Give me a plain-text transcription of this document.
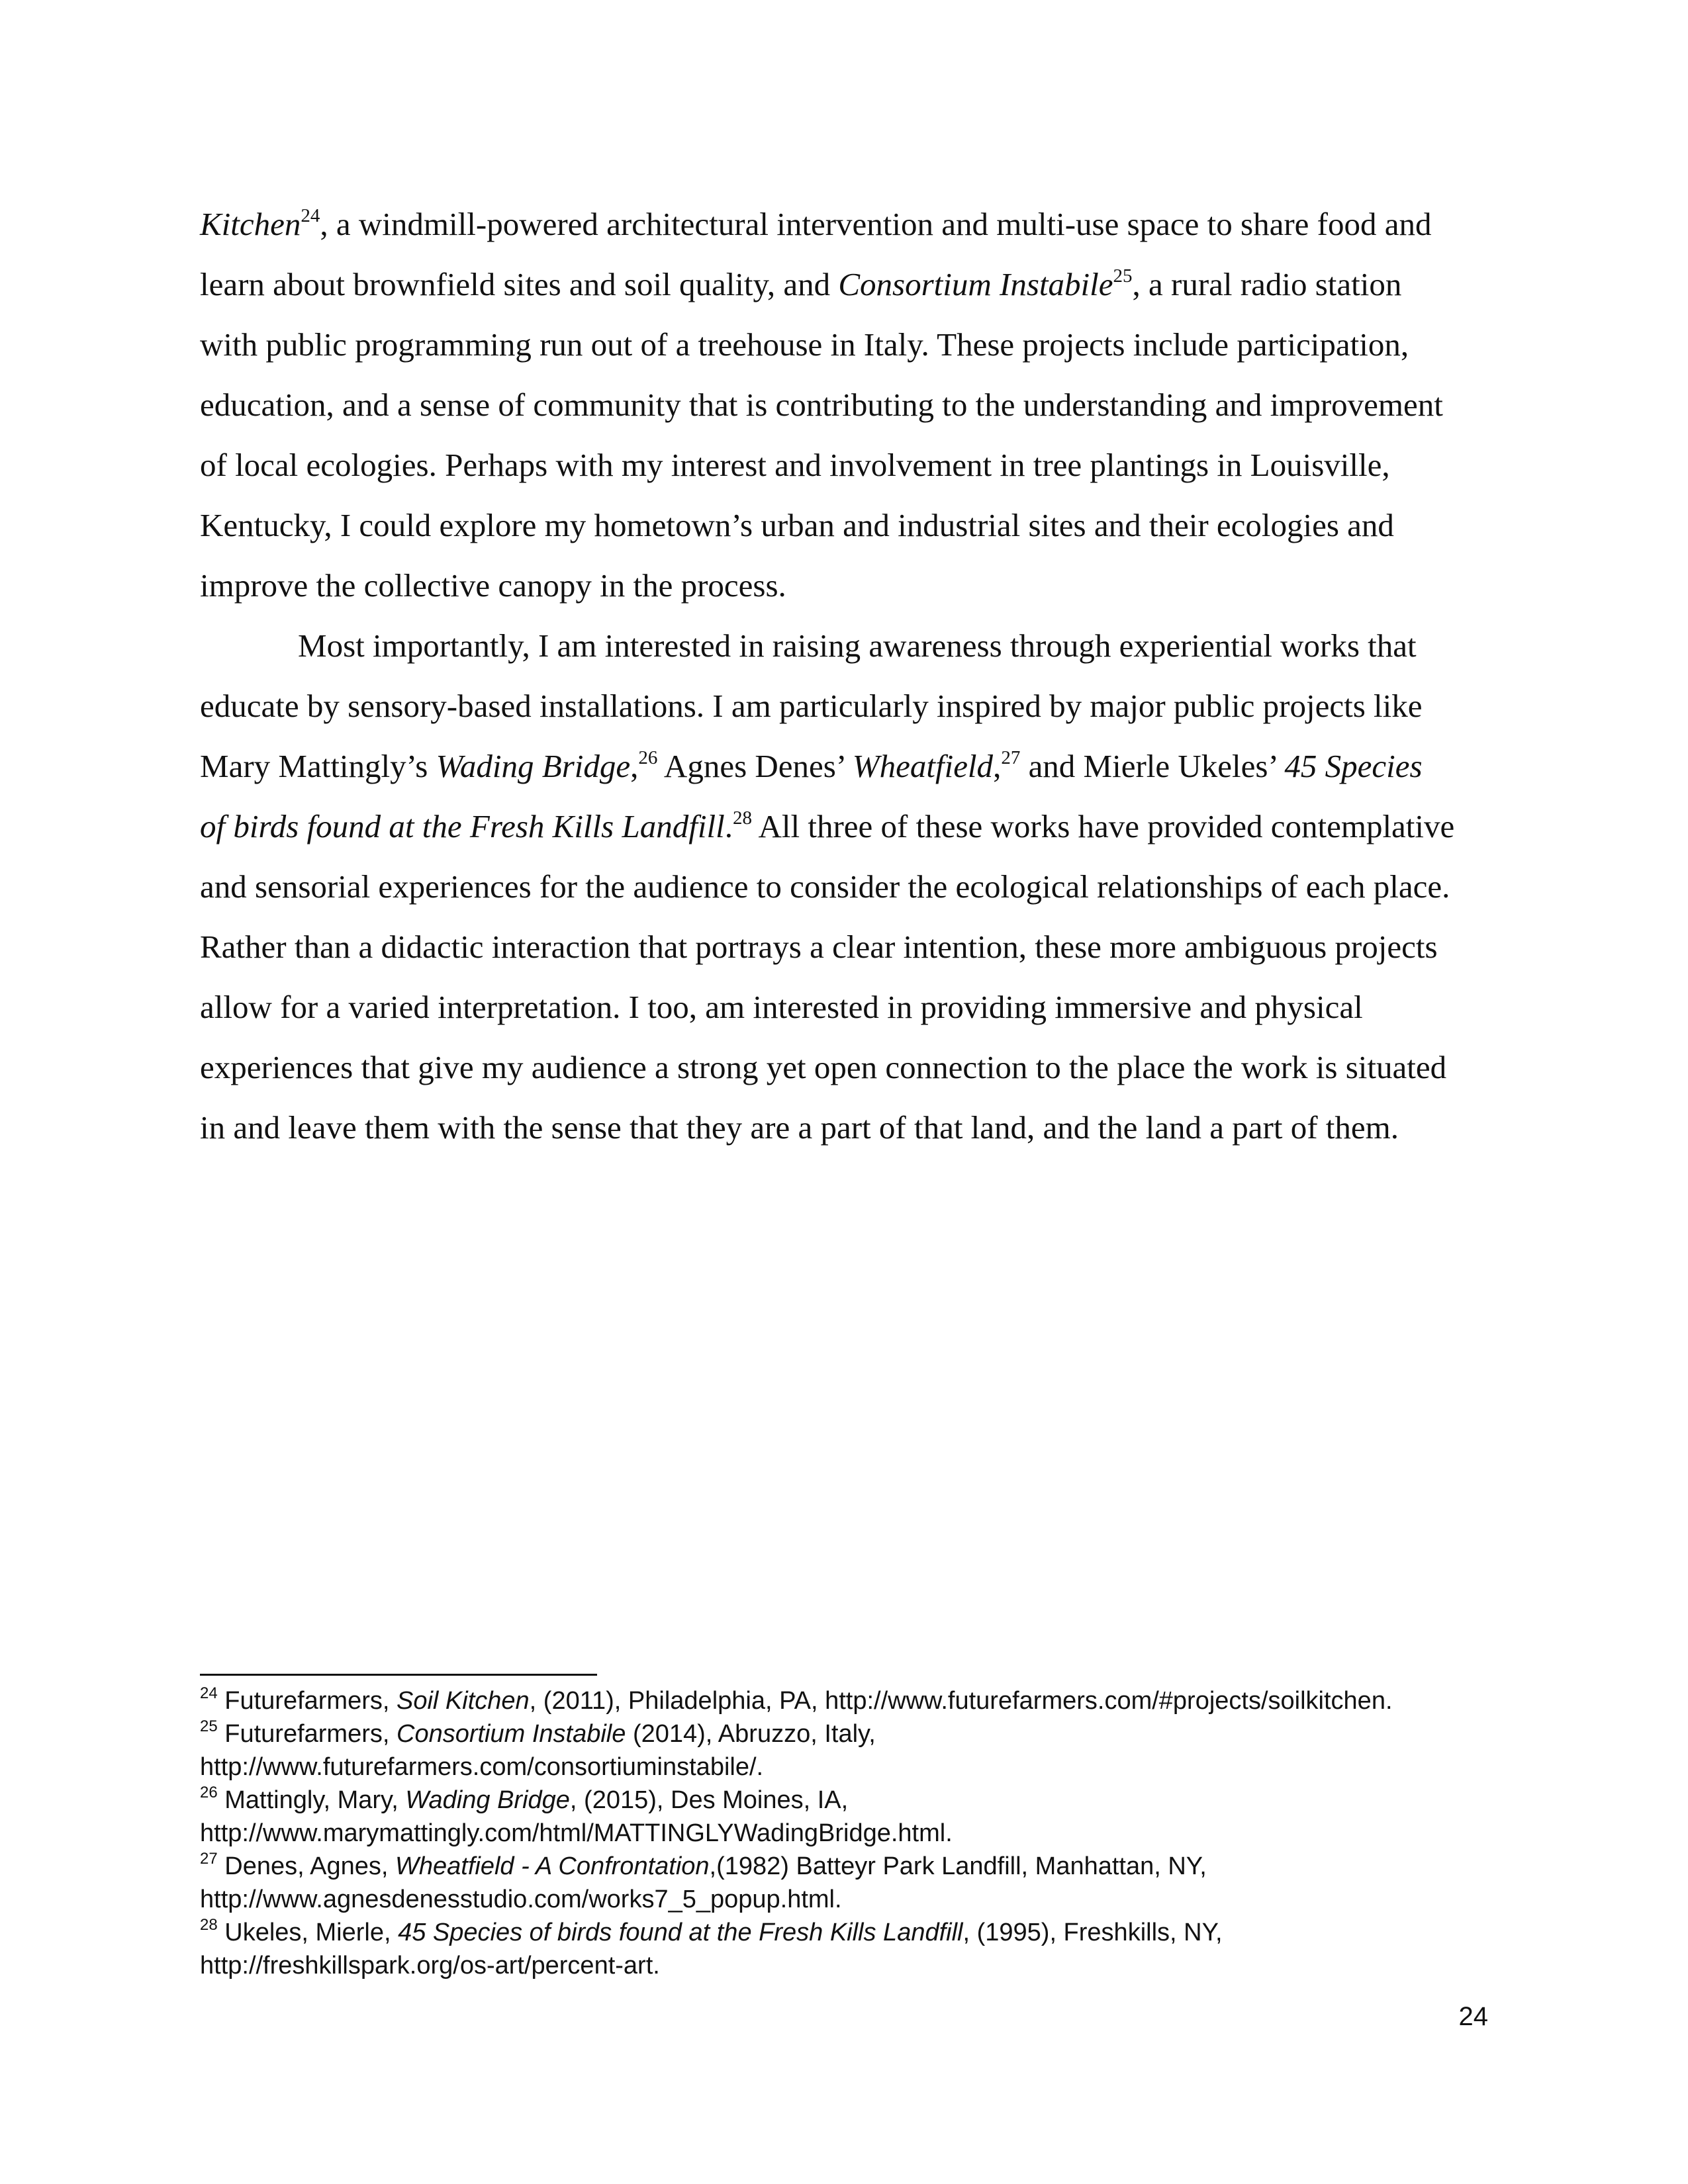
Kitchen$^{24}$, a windmill-powered architectural intervention and multi-use space to share food and

learn about brownfield sites and soil quality, and Consortium Instabile$^{25}$, a rural radio station

with public programming run out of a treehouse in Italy. These projects include participation,

education, and a sense of community that is contributing to the understanding and improvement

of local ecologies. Perhaps with my interest and involvement in tree plantings in Louisville,

Kentucky, I could explore my hometown’s urban and industrial sites and their ecologies and

improve the collective canopy in the process.

Most importantly, I am interested in raising awareness through experiential works that

educate by sensory-based installations. I am particularly inspired by major public projects like

Mary Mattingly’s Wading Bridge,$^{26}$ Agnes Denes’ Wheatfield,$^{27}$ and Mierle Ukeles’ 45 Species

of birds found at the Fresh Kills Landfill.$^{28}$ All three of these works have provided contemplative

and sensorial experiences for the audience to consider the ecological relationships of each place.

Rather than a didactic interaction that portrays a clear intention, these more ambiguous projects

allow for a varied interpretation. I too, am interested in providing immersive and physical

experiences that give my audience a strong yet open connection to the place the work is situated

in and leave them with the sense that they are a part of that land, and the land a part of them.

$^{24}$ Futurefarmers, Soil Kitchen, (2011), Philadelphia, PA, http://www.futurefarmers.com/#projects/soilkitchen.
$^{25}$ Futurefarmers, Consortium Instabile (2014), Abruzzo, Italy,
http://www.futurefarmers.com/consortiuminstabile/.
$^{26}$ Mattingly, Mary, Wading Bridge, (2015), Des Moines, IA,
http://www.marymattingly.com/html/MATTINGLYWadingBridge.html.
$^{27}$ Denes, Agnes, Wheatfield - A Confrontation,(1982) Batteyr Park Landfill, Manhattan, NY,
http://www.agnesdenesstudio.com/works7_5_popup.html.
$^{28}$ Ukeles, Mierle, 45 Species of birds found at the Fresh Kills Landfill, (1995), Freshkills, NY,
http://freshkillspark.org/os-art/percent-art.
24
